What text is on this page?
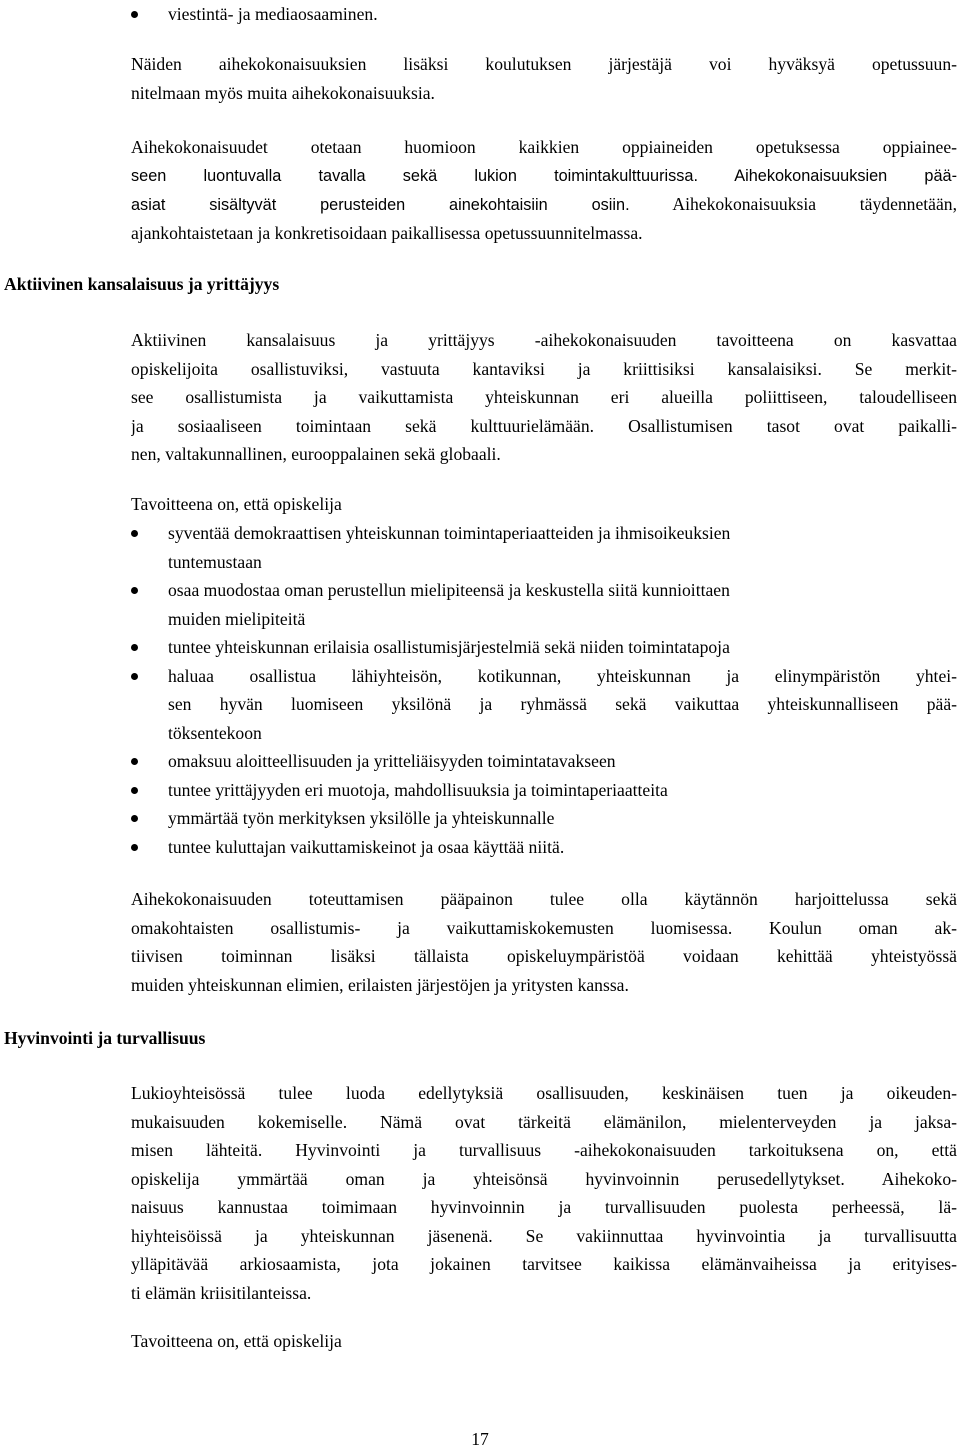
viestintä- ja mediaosaaminen.
Näiden aihekokonaisuuksien lisäksi koulutuksen järjestäjä voi hyväksyä opetussuun-
nitelmaan myös muita aihekokonaisuuksia.
Aihekokonaisuudet otetaan huomioon kaikkien oppiaineiden opetuksessa oppiainee-
seen luontuvalla tavalla sekä lukion toimintakulttuurissa. Aihekokonaisuuksien pää-
asiat sisältyvät perusteiden ainekohtaisiin osiin. Aihekokonaisuuksia täydennetään,
ajankohtaistetaan ja konkretisoidaan paikallisessa opetussuunnitelmassa.
Aktiivinen kansalaisuus ja yrittäjyys
Aktiivinen kansalaisuus ja yrittäjyys -aihekokonaisuuden tavoitteena on kasvattaa
opiskelijoita osallistuviksi, vastuuta kantaviksi ja kriittisiksi kansalaisiksi. Se merkit-
see osallistumista ja vaikuttamista yhteiskunnan eri alueilla poliittiseen, taloudelliseen
ja sosiaaliseen toimintaan sekä kulttuurielämään. Osallistumisen tasot ovat paikalli-
nen, valtakunnallinen, eurooppalainen sekä globaali.
Tavoitteena on, että opiskelija
syventää demokraattisen yhteiskunnan toimintaperiaatteiden ja ihmisoikeuksien
tuntemustaan
osaa muodostaa oman perustellun mielipiteensä ja keskustella siitä kunnioittaen
muiden mielipiteitä
tuntee yhteiskunnan erilaisia osallistumisjärjestelmiä sekä niiden toimintatapoja
haluaa osallistua lähiyhteisön, kotikunnan, yhteiskunnan ja elinympäristön yhtei-
sen hyvän luomiseen yksilönä ja ryhmässä sekä vaikuttaa yhteiskunnalliseen pää-
töksentekoon
omaksuu aloitteellisuuden ja yritteliäisyyden toimintatavakseen
tuntee yrittäjyyden eri muotoja, mahdollisuuksia ja toimintaperiaatteita
ymmärtää työn merkityksen yksilölle ja yhteiskunnalle
tuntee kuluttajan vaikuttamiskeinot ja osaa käyttää niitä.
Aihekokonaisuuden toteuttamisen pääpainon tulee olla käytännön harjoittelussa sekä
omakohtaisten osallistumis- ja vaikuttamiskokemusten luomisessa. Koulun oman ak-
tiivisen toiminnan lisäksi tällaista opiskeluympäristöä voidaan kehittää yhteistyössä
muiden yhteiskunnan elimien, erilaisten järjestöjen ja yritysten kanssa.
Hyvinvointi ja turvallisuus
Lukioyhteisössä tulee luoda edellytyksiä osallisuuden, keskinäisen tuen ja oikeuden-
mukaisuuden kokemiselle. Nämä ovat tärkeitä elämänilon, mielenterveyden ja jaksa-
misen lähteitä. Hyvinvointi ja turvallisuus -aihekokonaisuuden tarkoituksena on, että
opiskelija ymmärtää oman ja yhteisönsä hyvinvoinnin perusedellytykset. Aihekoko-
naisuus kannustaa toimimaan hyvinvoinnin ja turvallisuuden puolesta perheessä, lä-
hiyhteisöissä ja yhteiskunnan jäsenenä. Se vakiinnuttaa hyvinvointia ja turvallisuutta
ylläpitävää arkiosaamista, jota jokainen tarvitsee kaikissa elämänvaiheissa ja erityises-
ti elämän kriisitilanteissa.
Tavoitteena on, että opiskelija
17
